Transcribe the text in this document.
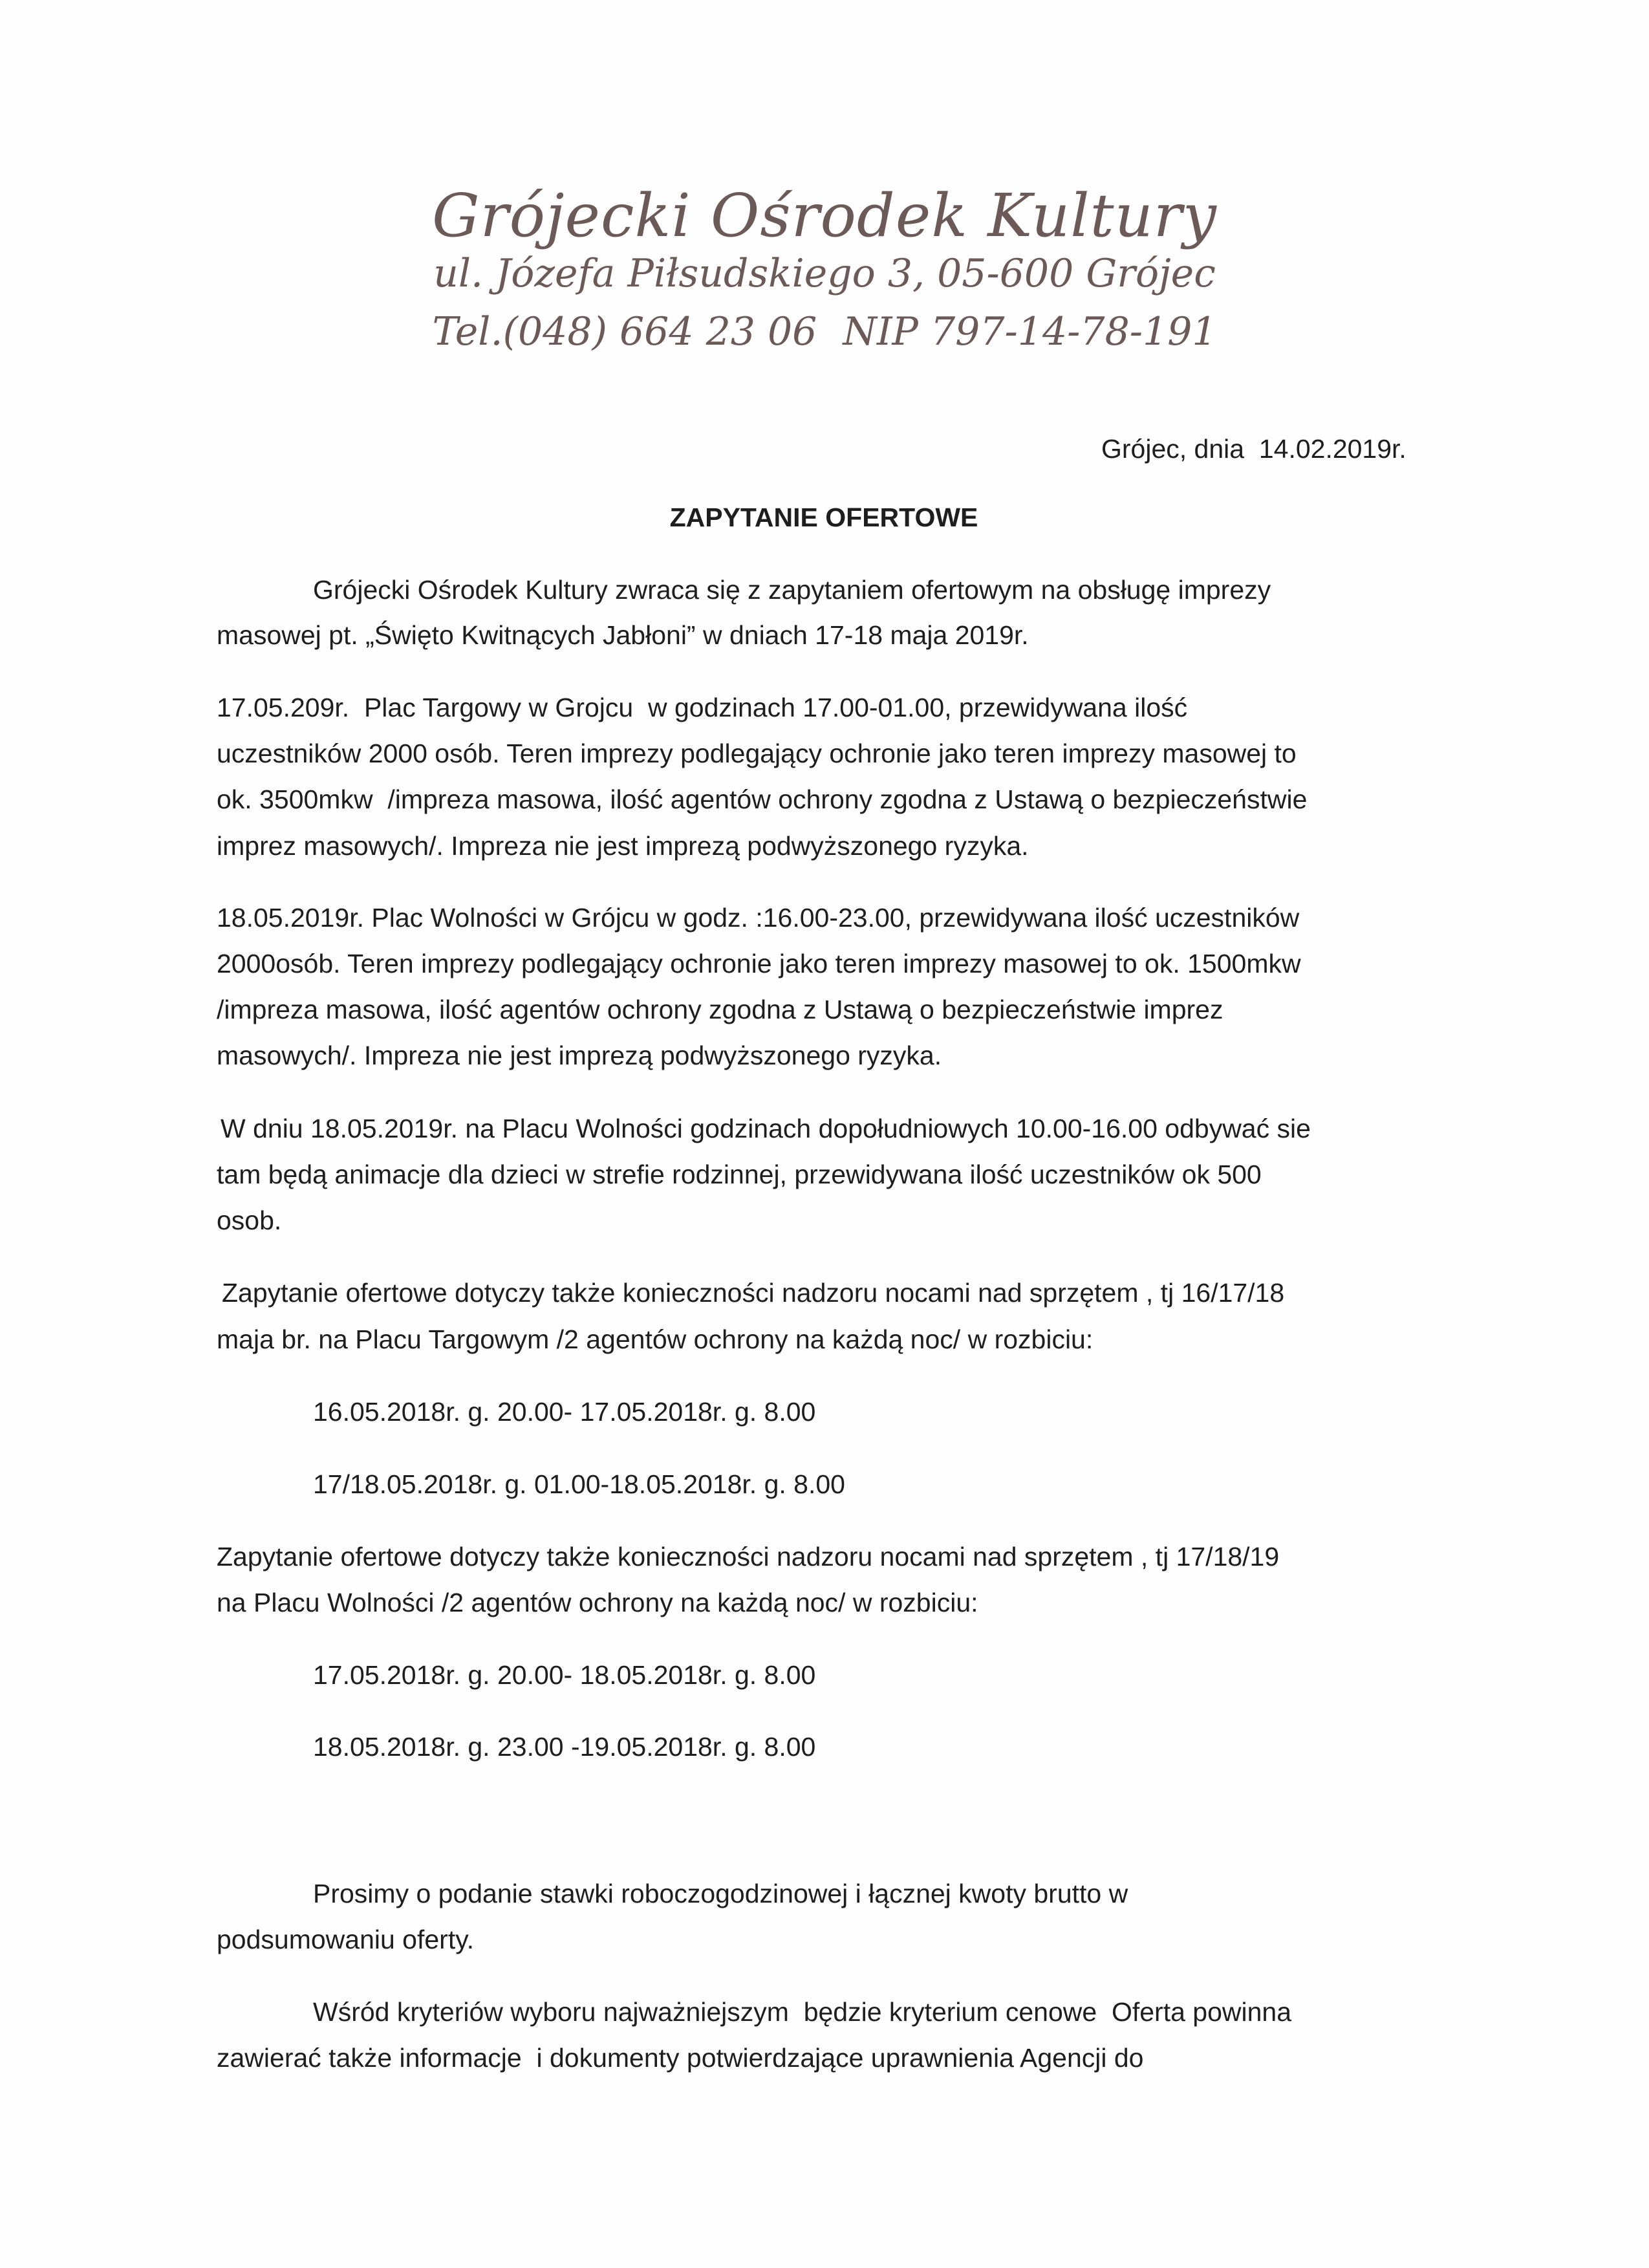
Grójecki Ośrodek Kultury
ul. Józefa Piłsudskiego 3, 05-600 Grójec
Tel.(048) 664 23 06 NIP 797-14-78-191
Grójec, dnia  14.02.2019r.
ZAPYTANIE OFERTOWE
Grójecki Ośrodek Kultury zwraca się z zapytaniem ofertowym na obsługę imprezy
masowej pt. „Święto Kwitnących Jabłoni” w dniach 17-18 maja 2019r.
17.05.209r.  Plac Targowy w Grojcu  w godzinach 17.00-01.00, przewidywana ilość
uczestników 2000 osób. Teren imprezy podlegający ochronie jako teren imprezy masowej to
ok. 3500mkw  /impreza masowa, ilość agentów ochrony zgodna z Ustawą o bezpieczeństwie
imprez masowych/. Impreza nie jest imprezą podwyższonego ryzyka.
18.05.2019r. Plac Wolności w Grójcu w godz. :16.00-23.00, przewidywana ilość uczestników
2000osób. Teren imprezy podlegający ochronie jako teren imprezy masowej to ok. 1500mkw
/impreza masowa, ilość agentów ochrony zgodna z Ustawą o bezpieczeństwie imprez
masowych/. Impreza nie jest imprezą podwyższonego ryzyka.
W dniu 18.05.2019r. na Placu Wolności godzinach dopołudniowych 10.00-16.00 odbywać sie
tam będą animacje dla dzieci w strefie rodzinnej, przewidywana ilość uczestników ok 500
osob.
Zapytanie ofertowe dotyczy także konieczności nadzoru nocami nad sprzętem , tj 16/17/18
maja br. na Placu Targowym /2 agentów ochrony na każdą noc/ w rozbiciu:
16.05.2018r. g. 20.00- 17.05.2018r. g. 8.00
17/18.05.2018r. g. 01.00-18.05.2018r. g. 8.00
Zapytanie ofertowe dotyczy także konieczności nadzoru nocami nad sprzętem , tj 17/18/19
na Placu Wolności /2 agentów ochrony na każdą noc/ w rozbiciu:
17.05.2018r. g. 20.00- 18.05.2018r. g. 8.00
18.05.2018r. g. 23.00 -19.05.2018r. g. 8.00
Prosimy o podanie stawki roboczogodzinowej i łącznej kwoty brutto w
podsumowaniu oferty.
Wśród kryteriów wyboru najważniejszym  będzie kryterium cenowe  Oferta powinna
zawierać także informacje  i dokumenty potwierdzające uprawnienia Agencji do
